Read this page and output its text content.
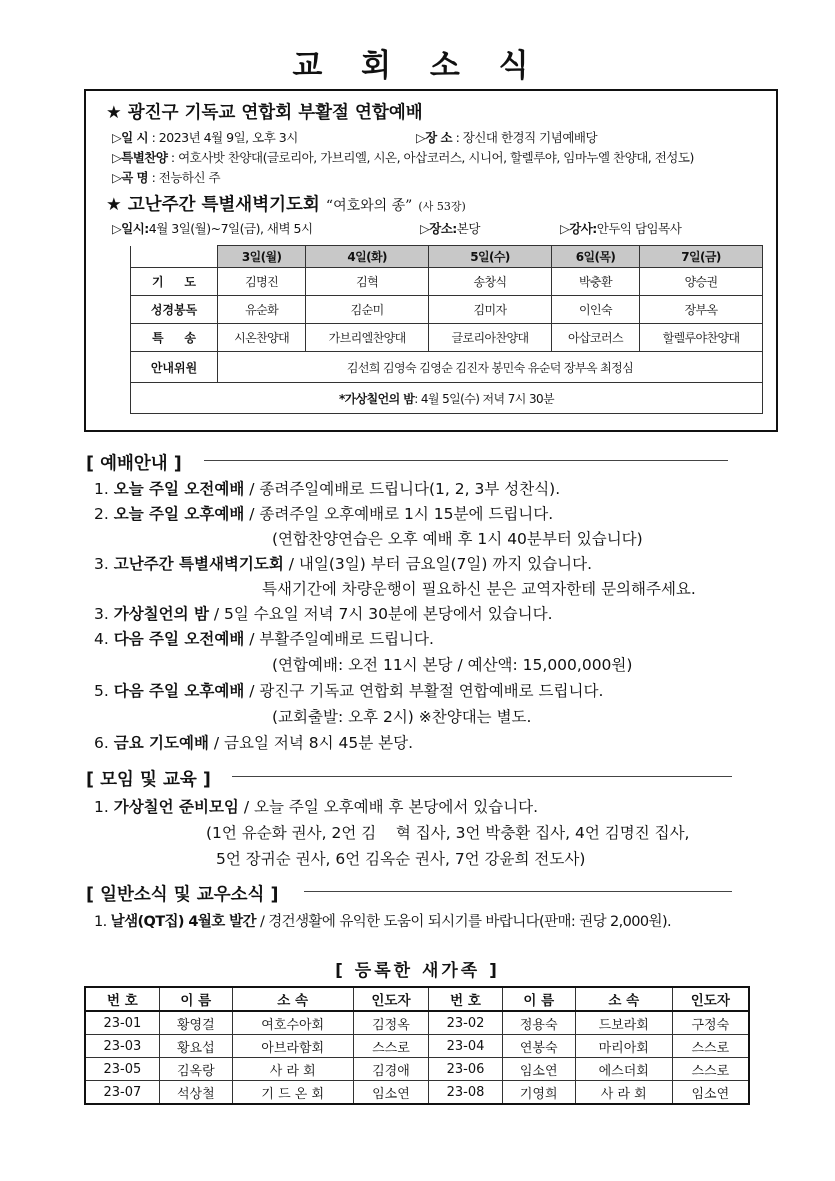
교 회 소 식
★ 광진구 기독교 연합회 부활절 연합예배
▷일 시 : 2023년 4월 9일, 오후 3시	▷장 소 : 장신대 한경직 기념예배당
▷특별찬양 : 여호사밧 찬양대(글로리아, 가브리엘, 시온, 아삽코러스, 시니어, 할렐루야, 임마누엘 찬양대, 전성도)
▷곡 명 : 전능하신 주
★ 고난주간 특별새벽기도회 “여호와의 종” (사 53장)
▷일시:4월 3일(월)~7일(금), 새벽 5시	▷장소:본당	▷강사:안두익 담임목사
	3일(월)	4일(화)	5일(수)	6일(목)	7일(금)
기     도	김명진	김혁	송창식	박충환	양승권
성경봉독	유순화	김순미	김미자	이인숙	장부옥
특     송	시온찬양대	가브리엘찬양대	글로리아찬양대	아삽코러스	할렐루야찬양대
안내위원	김선희 김영숙 김영순 김진자 봉민숙 유순덕 장부옥 최정심				
*가상칠언의 밤: 4월 5일(수) 저녁 7시 30분					
[ 예배안내 ]
1. 오늘 주일 오전예배 / 종려주일예배로 드립니다(1, 2, 3부 성찬식).
2. 오늘 주일 오후예배 / 종려주일 오후예배로 1시 15분에 드립니다.
(연합찬양연습은 오후 예배 후 1시 40분부터 있습니다)
3. 고난주간 특별새벽기도회 / 내일(3일) 부터 금요일(7일) 까지 있습니다.
특새기간에 차량운행이 필요하신 분은 교역자한테 문의해주세요.
3. 가상칠언의 밤 / 5일 수요일 저녁 7시 30분에 본당에서 있습니다.
4. 다음 주일 오전예배 / 부활주일예배로 드립니다.
(연합예배: 오전 11시 본당 / 예산액: 15,000,000원)
5. 다음 주일 오후예배 / 광진구 기독교 연합회 부활절 연합예배로 드립니다.
(교회출발: 오후 2시) ※찬양대는 별도.
6. 금요 기도예배 / 금요일 저녁 8시 45분 본당.
[ 모임 및 교육 ]
1. 가상칠언 준비모임 / 오늘 주일 오후예배 후 본당에서 있습니다.
(1언 유순화 권사, 2언 김    혁 집사, 3언 박충환 집사, 4언 김명진 집사,
5언 장귀순 권사, 6언 김옥순 권사, 7언 강윤희 전도사)
[ 일반소식 및 교우소식 ]
1. 날샘(QT집) 4월호 발간 / 경건생활에 유익한 도움이 되시기를 바랍니다(판매: 권당 2,000원).
[ 등록한 새가족 ]
번 호	이 름	소 속	인도자	번 호	이 름	소 속	인도자
23-01	황영걸	여호수아회	김정옥	23-02	정용숙	드보라회	구정숙
23-03	황요섭	아브라함회	스스로	23-04	연봉숙	마리아회	스스로
23-05	김옥랑	사 라 회	김경애	23-06	임소연	에스더회	스스로
23-07	석상철	기 드 온 회	임소연	23-08	기영희	사 라 회	임소연
